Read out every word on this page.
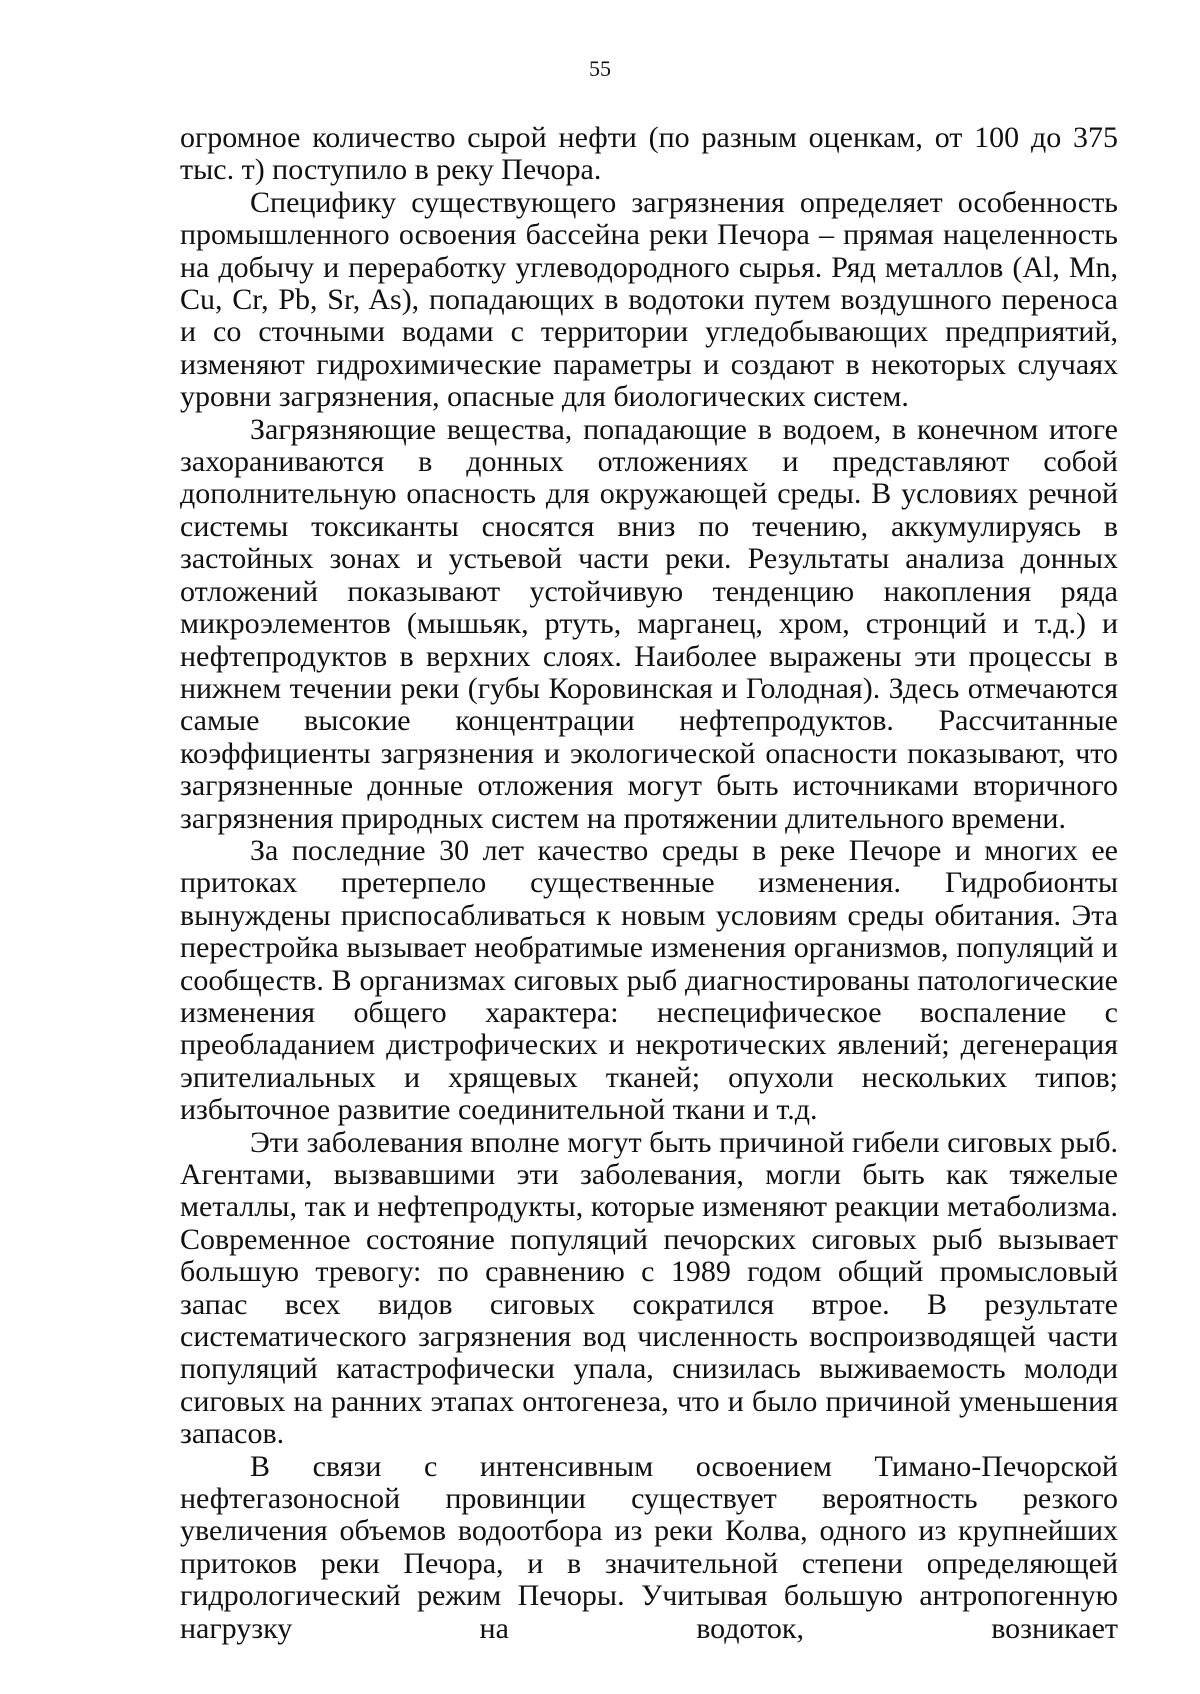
55

огромное количество сырой нефти (по разным оценкам, от 100 до 375 тыс. т) поступило в реку Печора.

Специфику существующего загрязнения определяет особенность промышленного освоения бассейна реки Печора – прямая нацеленность на добычу и переработку углеводородного сырья. Ряд металлов (Al, Mn, Cu, Cr, Pb, Sr, As), попадающих в водотоки путем воздушного переноса и со сточными водами с территории угледобывающих предприятий, изменяют гидрохимические параметры и создают в некоторых случаях уровни загрязнения, опасные для биологических систем.

Загрязняющие вещества, попадающие в водоем, в конечном итоге захораниваются в донных отложениях и представляют собой дополнительную опасность для окружающей среды. В условиях речной системы токсиканты сносятся вниз по течению, аккумулируясь в застойных зонах и устьевой части реки. Результаты анализа донных отложений показывают устойчивую тенденцию накопления ряда микроэлементов (мышьяк, ртуть, марганец, хром, стронций и т.д.) и нефтепродуктов в верхних слоях. Наиболее выражены эти процессы в нижнем течении реки (губы Коровинская и Голодная). Здесь отмечаются самые высокие концентрации нефтепродуктов. Рассчитанные коэффициенты загрязнения и экологической опасности показывают, что загрязненные донные отложения могут быть источниками вторичного загрязнения природных систем на протяжении длительного времени.

За последние 30 лет качество среды в реке Печоре и многих ее притоках претерпело существенные изменения. Гидробионты вынуждены приспосабливаться к новым условиям среды обитания. Эта перестройка вызывает необратимые изменения организмов, популяций и сообществ. В организмах сиговых рыб диагностированы патологические изменения общего характера: неспецифическое воспаление с преобладанием дистрофических и некротических явлений; дегенерация эпителиальных и хрящевых тканей; опухоли нескольких типов; избыточное развитие соединительной ткани и т.д.

Эти заболевания вполне могут быть причиной гибели сиговых рыб. Агентами, вызвавшими эти заболевания, могли быть как тяжелые металлы, так и нефтепродукты, которые изменяют реакции метаболизма. Современное состояние популяций печорских сиговых рыб вызывает большую тревогу: по сравнению с 1989 годом общий промысловый запас всех видов сиговых сократился втрое. В результате систематического загрязнения вод численность воспроизводящей части популяций катастрофически упала, снизилась выживаемость молоди сиговых на ранних этапах онтогенеза, что и было причиной уменьшения запасов.

В связи с интенсивным освоением Тимано-Печорской нефтегазоносной провинции существует вероятность резкого увеличения объемов водоотбора из реки Колва, одного из крупнейших притоков реки Печора, и в значительной степени определяющей гидрологический режим Печоры. Учитывая большую антропогенную нагрузку на водоток, возникает
